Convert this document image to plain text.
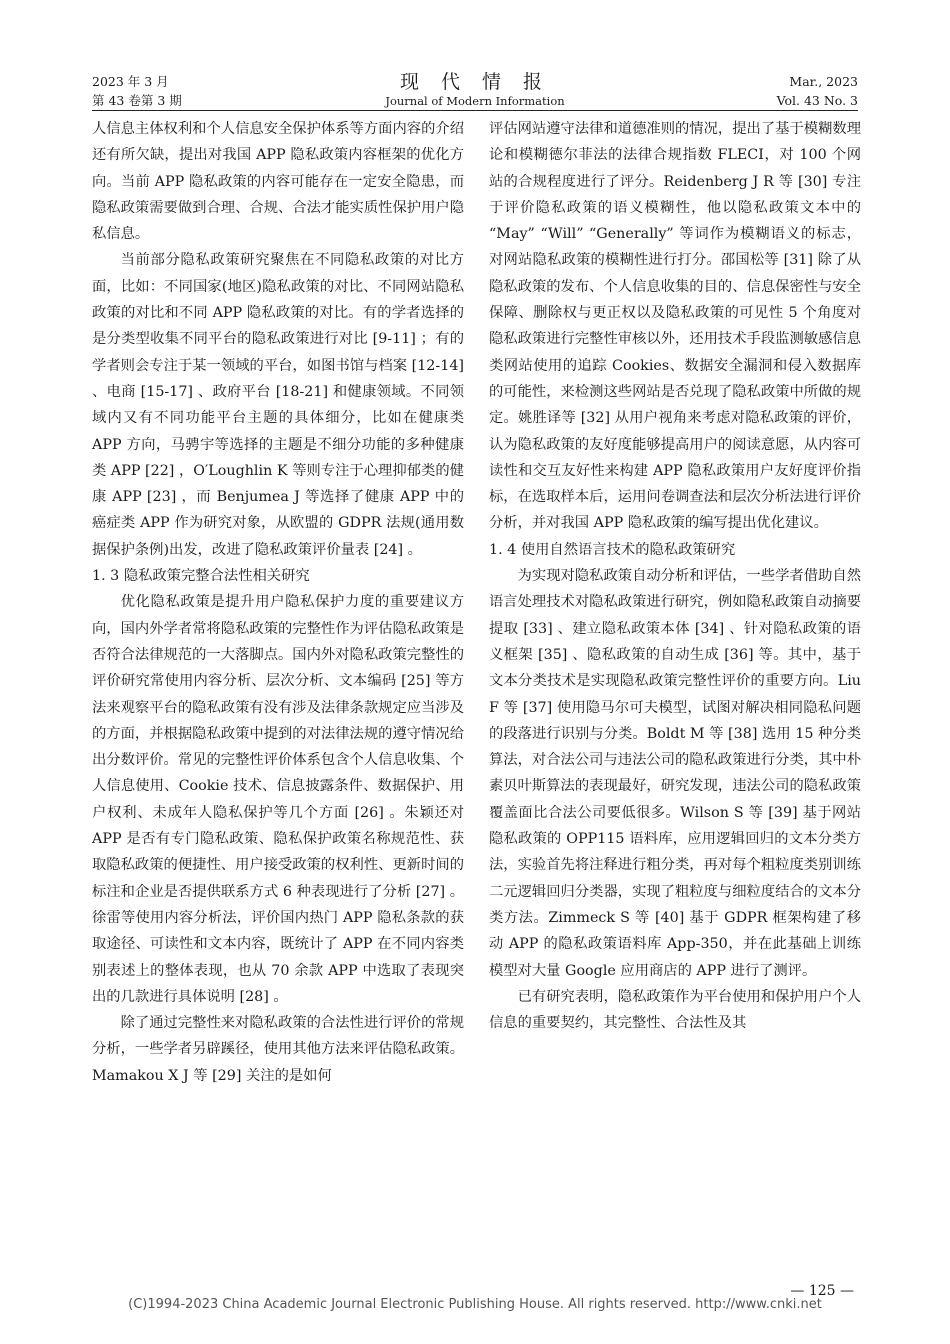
2023 年 3 月
第 43 卷第 3 期
现 代 情 报
Journal of Modern Information
Mar., 2023
Vol. 43 No. 3

人信息主体权利和个人信息安全保护体系等方面内容的介绍还有所欠缺，提出对我国 APP 隐私政策内容框架的优化方向。当前 APP 隐私政策的内容可能存在一定安全隐患，而隐私政策需要做到合理、合规、合法才能实质性保护用户隐私信息。

当前部分隐私政策研究聚焦在不同隐私政策的对比方面，比如：不同国家(地区)隐私政策的对比、不同网站隐私政策的对比和不同 APP 隐私政策的对比。有的学者选择的是分类型收集不同平台的隐私政策进行对比 [9-11] ；有的学者则会专注于某一领域的平台，如图书馆与档案 [12-14] 、电商 [15-17] 、政府平台 [18-21] 和健康领域。不同领域内又有不同功能平台主题的具体细分，比如在健康类 APP 方向，马骋宇等选择的主题是不细分功能的多种健康类 APP [22] ，O′Loughlin K 等则专注于心理抑郁类的健康 APP [23] ，而 Benjumea J 等选择了健康 APP 中的癌症类 APP 作为研究对象，从欧盟的 GDPR 法规(通用数据保护条例)出发，改进了隐私政策评价量表 [24] 。

1. 3 隐私政策完整合法性相关研究

优化隐私政策是提升用户隐私保护力度的重要建议方向，国内外学者常将隐私政策的完整性作为评估隐私政策是否符合法律规范的一大落脚点。国内外对隐私政策完整性的评价研究常使用内容分析、层次分析、文本编码 [25] 等方法来观察平台的隐私政策有没有涉及法律条款规定应当涉及的方面，并根据隐私政策中提到的对法律法规的遵守情况给出分数评价。常见的完整性评价体系包含个人信息收集、个人信息使用、Cookie 技术、信息披露条件、数据保护、用户权利、未成年人隐私保护等几个方面 [26] 。朱颖还对 APP 是否有专门隐私政策、隐私保护政策名称规范性、获取隐私政策的便捷性、用户接受政策的权利性、更新时间的标注和企业是否提供联系方式 6 种表现进行了分析 [27] 。徐雷等使用内容分析法，评价国内热门 APP 隐私条款的获取途径、可读性和文本内容，既统计了 APP 在不同内容类别表述上的整体表现，也从 70 余款 APP 中选取了表现突出的几款进行具体说明 [28] 。

除了通过完整性来对隐私政策的合法性进行评价的常规分析，一些学者另辟蹊径，使用其他方法来评估隐私政策。Mamakou X J 等 [29] 关注的是如何

评估网站遵守法律和道德准则的情况，提出了基于模糊数理论和模糊德尔菲法的法律合规指数 FLECI，对 100 个网站的合规程度进行了评分。Reidenberg J R 等 [30] 专注于评价隐私政策的语义模糊性，他以隐私政策文本中的 “May” “Will” “Generally” 等词作为模糊语义的标志，对网站隐私政策的模糊性进行打分。邵国松等 [31] 除了从隐私政策的发布、个人信息收集的目的、信息保密性与安全保障、删除权与更正权以及隐私政策的可见性 5 个角度对隐私政策进行完整性审核以外，还用技术手段监测敏感信息类网站使用的追踪 Cookies、数据安全漏洞和侵入数据库的可能性，来检测这些网站是否兑现了隐私政策中所做的规定。姚胜译等 [32] 从用户视角来考虑对隐私政策的评价，认为隐私政策的友好度能够提高用户的阅读意愿，从内容可读性和交互友好性来构建 APP 隐私政策用户友好度评价指标，在选取样本后，运用问卷调查法和层次分析法进行评价分析，并对我国 APP 隐私政策的编写提出优化建议。

1. 4 使用自然语言技术的隐私政策研究

为实现对隐私政策自动分析和评估，一些学者借助自然语言处理技术对隐私政策进行研究，例如隐私政策自动摘要提取 [33] 、建立隐私政策本体 [34] 、针对隐私政策的语义框架 [35] 、隐私政策的自动生成 [36] 等。其中，基于文本分类技术是实现隐私政策完整性评价的重要方向。Liu F 等 [37] 使用隐马尔可夫模型，试图对解决相同隐私问题的段落进行识别与分类。Boldt M 等 [38] 选用 15 种分类算法，对合法公司与违法公司的隐私政策进行分类，其中朴素贝叶斯算法的表现最好，研究发现，违法公司的隐私政策覆盖面比合法公司要低很多。Wilson S 等 [39] 基于网站隐私政策的 OPP115 语料库，应用逻辑回归的文本分类方法，实验首先将注释进行粗分类，再对每个粗粒度类别训练二元逻辑回归分类器，实现了粗粒度与细粒度结合的文本分类方法。Zimmeck S 等 [40] 基于 GDPR 框架构建了移动 APP 的隐私政策语料库 App-350，并在此基础上训练模型对大量 Google 应用商店的 APP 进行了测评。

已有研究表明，隐私政策作为平台使用和保护用户个人信息的重要契约，其完整性、合法性及其

— 125 —
(C)1994-2023 China Academic Journal Electronic Publishing House. All rights reserved. http://www.cnki.net
